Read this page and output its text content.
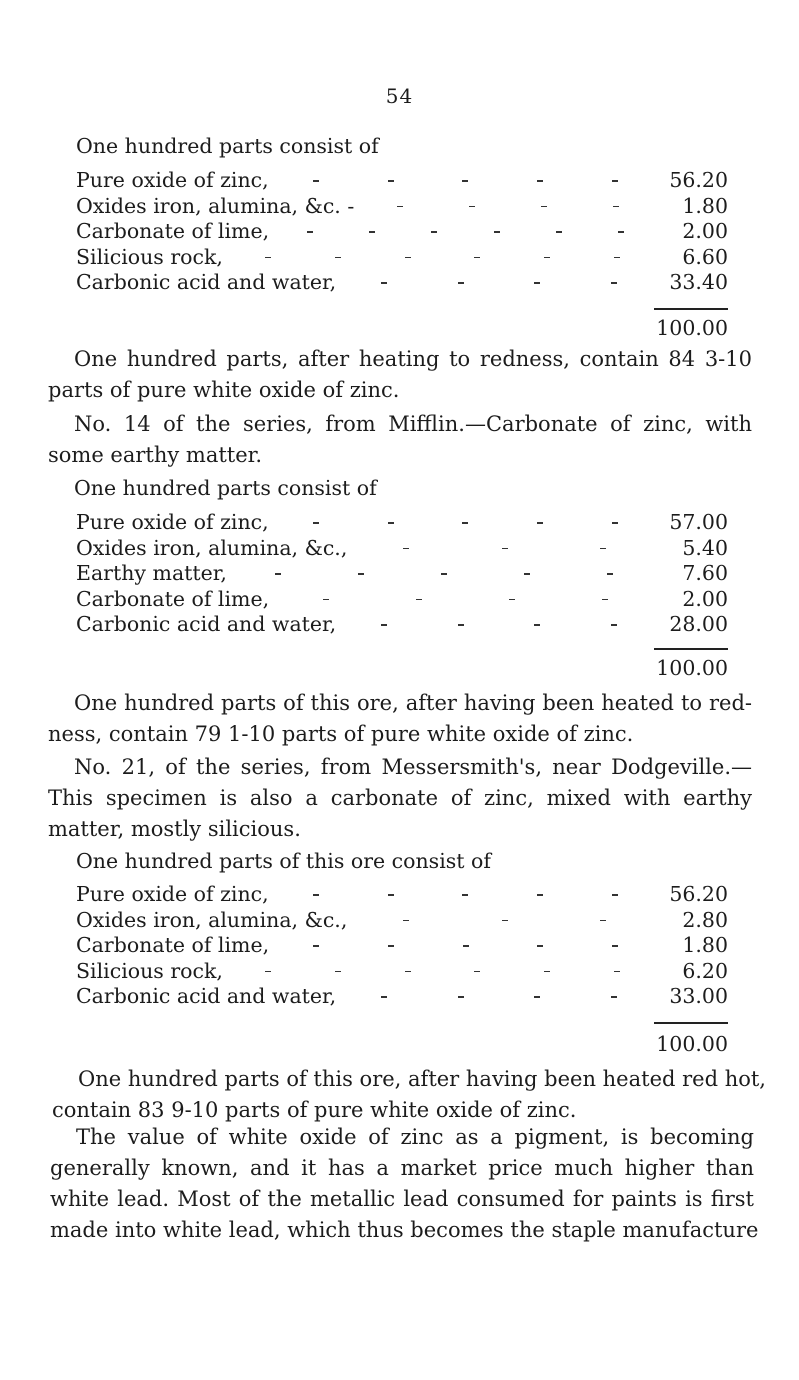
54
One hundred parts consist of
Pure oxide of zinc,	56.20
Oxides iron, alumina, &c. -	1.80
Carbonate of lime,	2.00
Silicious rock,	6.60
Carbonic acid and water,	33.40
100.00
One hundred parts, after heating to redness, contain 84 3-10
parts of pure white oxide of zinc.
No. 14 of the series, from Mifflin.—Carbonate of zinc, with
some earthy matter.
One hundred parts consist of
Pure oxide of zinc,	57.00
Oxides iron, alumina, &c.,	5.40
Earthy matter,	7.60
Carbonate of lime,	2.00
Carbonic acid and water,	28.00
100.00
One hundred parts of this ore, after having been heated to red-
ness, contain 79 1-10 parts of pure white oxide of zinc.
No. 21, of the series, from Messersmith's, near Dodgeville.—
This specimen is also a carbonate of zinc, mixed with earthy
matter, mostly silicious.
One hundred parts of this ore consist of
Pure oxide of zinc,	56.20
Oxides iron, alumina, &c.,	2.80
Carbonate of lime,	1.80
Silicious rock,	6.20
Carbonic acid and water,	33.00
100.00
One hundred parts of this ore, after having been heated red hot,
contain 83 9-10 parts of pure white oxide of zinc.
The value of white oxide of zinc as a pigment, is becoming
generally known, and it has a market price much higher than
white lead. Most of the metallic lead consumed for paints is first
made into white lead, which thus becomes the staple manufacture
